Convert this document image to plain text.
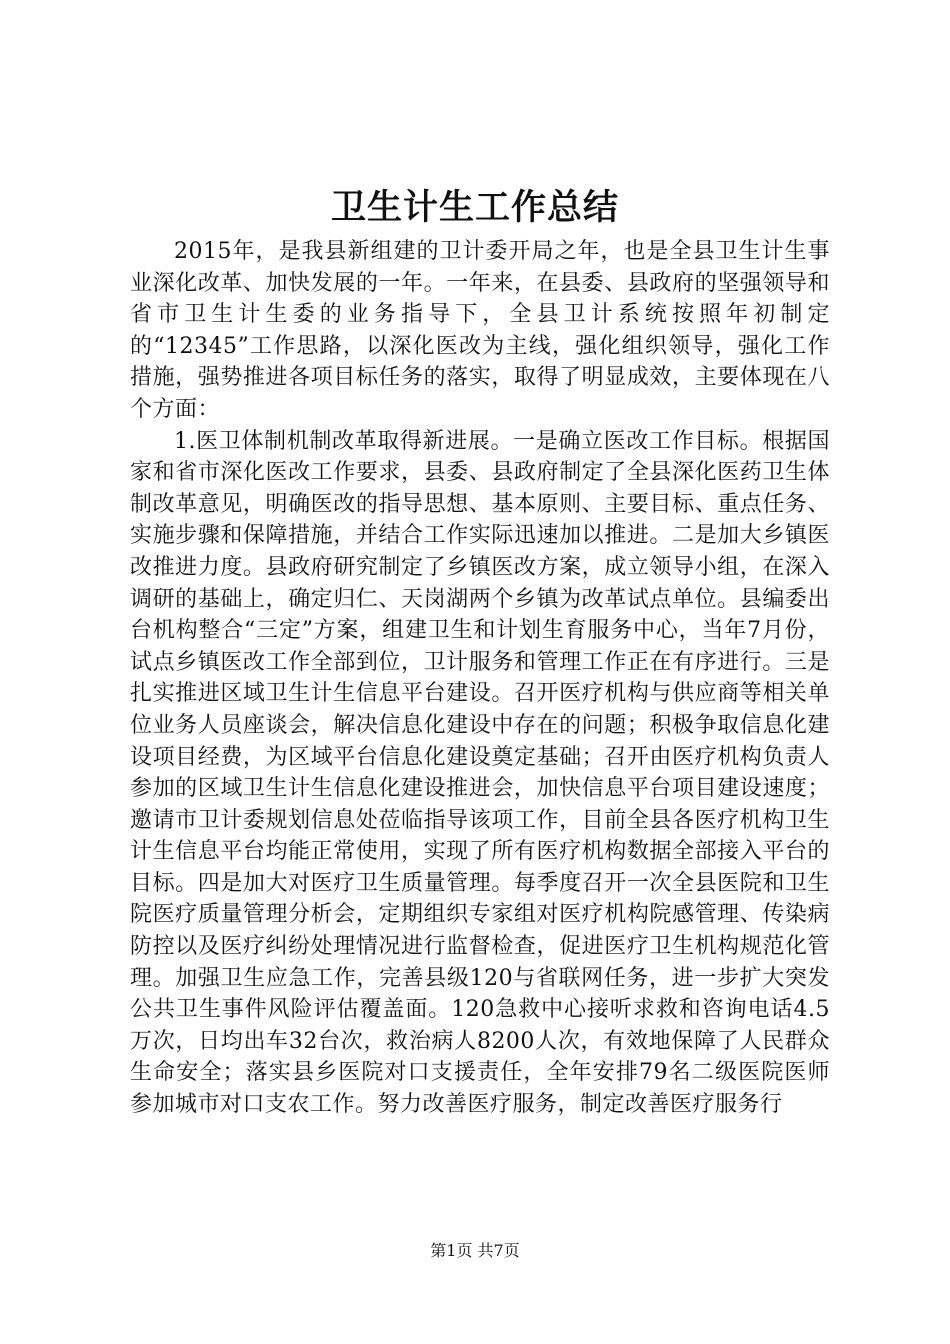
卫生计生工作总结

2015年，是我县新组建的卫计委开局之年，也是全县卫生计生事业深化改革、加快发展的一年。一年来，在县委、县政府的坚强领导和省市卫生计生委的业务指导下，全县卫计系统按照年初制定的“12345”工作思路，以深化医改为主线，强化组织领导，强化工作措施，强势推进各项目标任务的落实，取得了明显成效，主要体现在八个方面：

1.医卫体制机制改革取得新进展。一是确立医改工作目标。根据国家和省市深化医改工作要求，县委、县政府制定了全县深化医药卫生体制改革意见，明确医改的指导思想、基本原则、主要目标、重点任务、实施步骤和保障措施，并结合工作实际迅速加以推进。二是加大乡镇医改推进力度。县政府研究制定了乡镇医改方案，成立领导小组，在深入调研的基础上，确定归仁、天岗湖两个乡镇为改革试点单位。县编委出台机构整合“三定”方案，组建卫生和计划生育服务中心，当年7月份，试点乡镇医改工作全部到位，卫计服务和管理工作正在有序进行。三是扎实推进区域卫生计生信息平台建设。召开医疗机构与供应商等相关单位业务人员座谈会，解决信息化建设中存在的问题；积极争取信息化建设项目经费，为区域平台信息化建设奠定基础；召开由医疗机构负责人参加的区域卫生计生信息化建设推进会，加快信息平台项目建设速度；邀请市卫计委规划信息处莅临指导该项工作，目前全县各医疗机构卫生计生信息平台均能正常使用，实现了所有医疗机构数据全部接入平台的目标。四是加大对医疗卫生质量管理。每季度召开一次全县医院和卫生院医疗质量管理分析会，定期组织专家组对医疗机构院感管理、传染病防控以及医疗纠纷处理情况进行监督检查，促进医疗卫生机构规范化管理。加强卫生应急工作，完善县级120与省联网任务，进一步扩大突发公共卫生事件风险评估覆盖面。120急救中心接听求救和咨询电话4.5万次，日均出车32台次，救治病人8200人次，有效地保障了人民群众生命安全；落实县乡医院对口支援责任，全年安排79名二级医院医师参加城市对口支农工作。努力改善医疗服务，制定改善医疗服务行

第1页 共7页
